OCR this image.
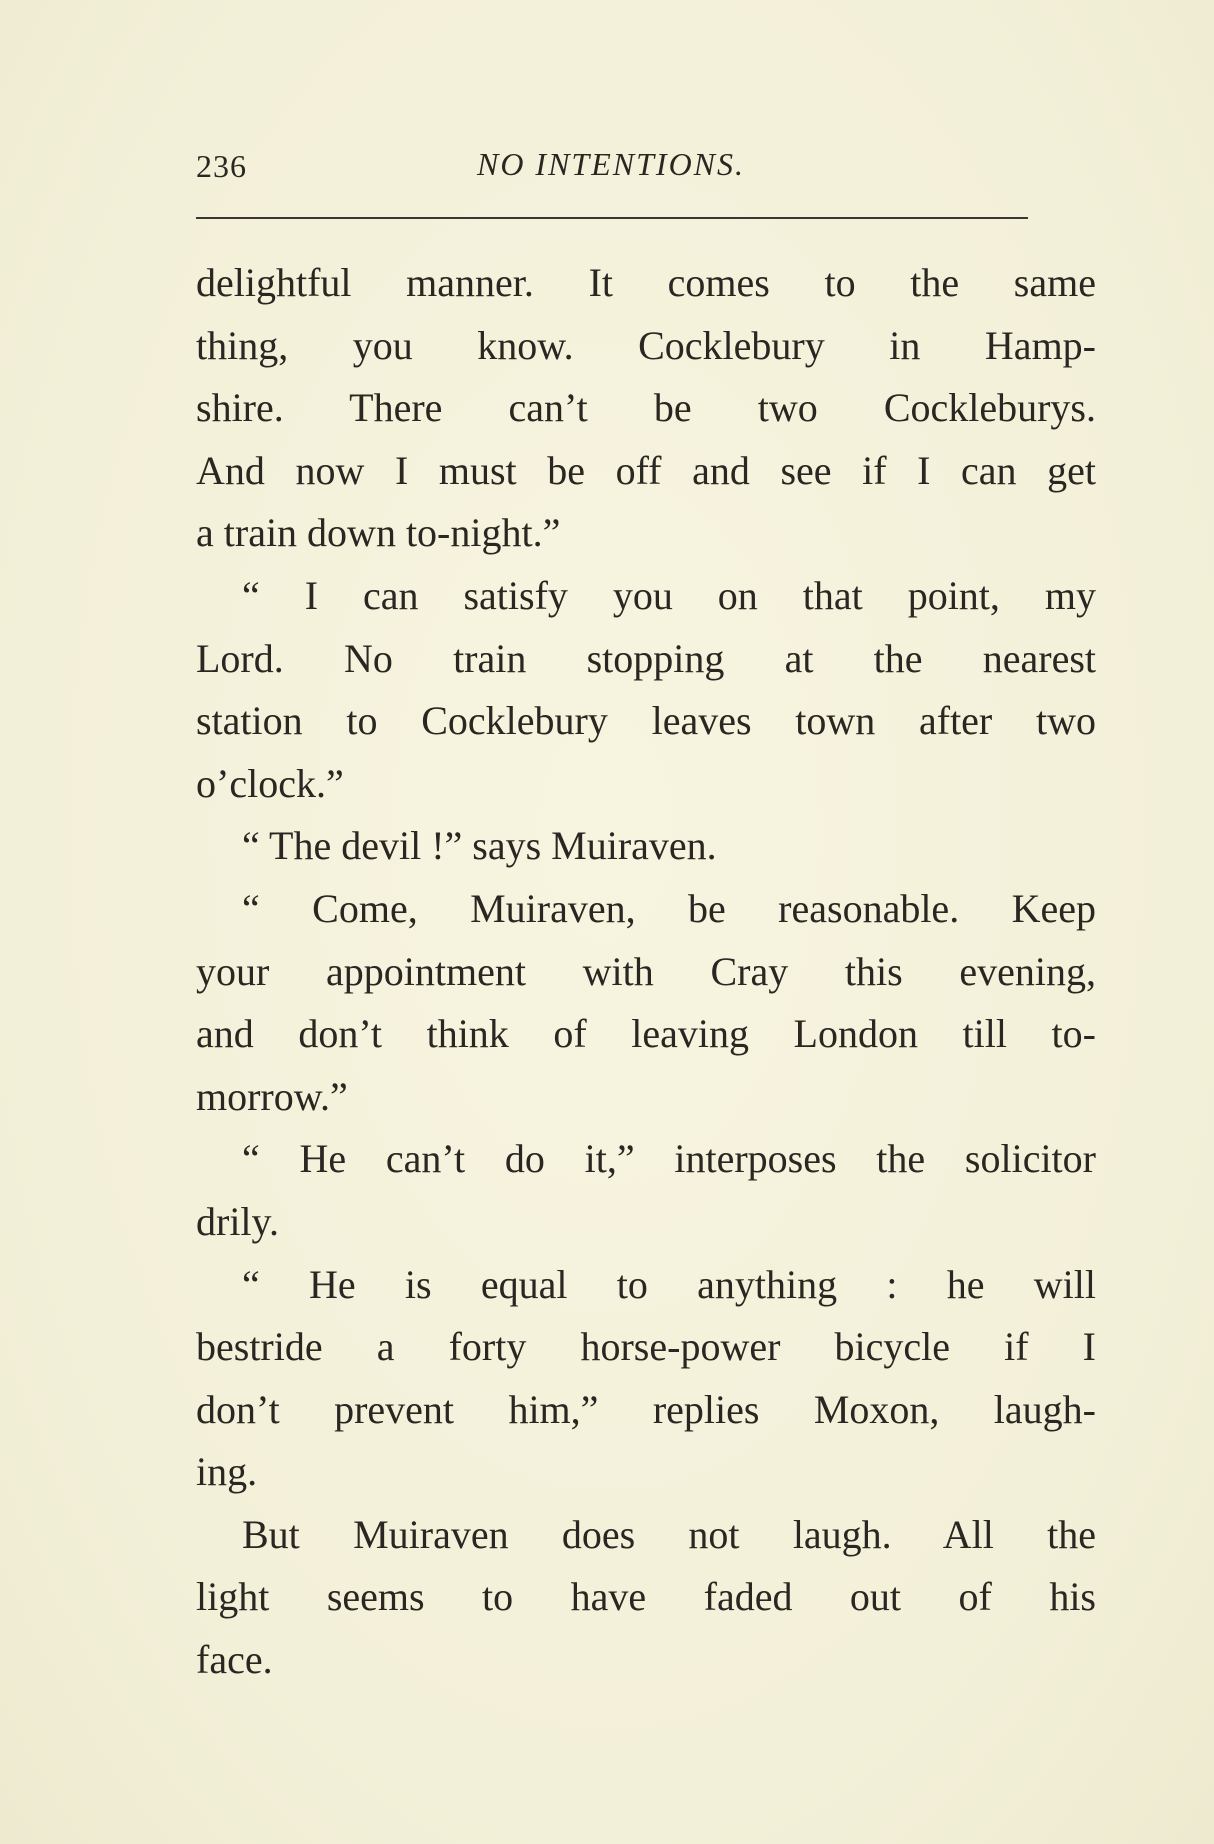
236	NO INTENTIONS.
delightful manner. It comes to the same
thing, you know. Cocklebury in Hamp-
shire. There can’t be two Cockleburys.
And now I must be off and see if I can get
a train down to-night.”
“ I can satisfy you on that point, my
Lord. No train stopping at the nearest
station to Cocklebury leaves town after two
o’clock.”
“ The devil !” says Muiraven.
“ Come, Muiraven, be reasonable. Keep
your appointment with Cray this evening,
and don’t think of leaving London till to-
morrow.”
“ He can’t do it,” interposes the solicitor
drily.
“ He is equal to anything : he will
bestride a forty horse-power bicycle if I
don’t prevent him,” replies Moxon, laugh-
ing.
But Muiraven does not laugh. All the
light seems to have faded out of his
face.
